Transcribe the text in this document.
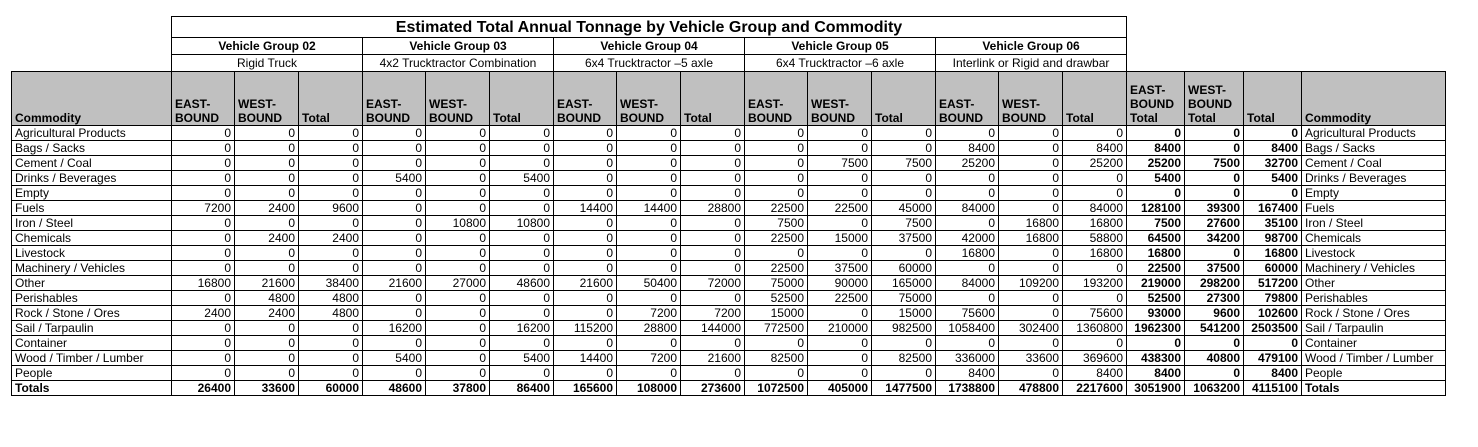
	Estimated Total Annual Tonnage by Vehicle Group and Commodity																		
	Vehicle Group 02			Vehicle Group 03			Vehicle Group 04			Vehicle Group 05			Vehicle Group 06						
	Rigid Truck			4x2 Trucktractor Combination			6x4 Trucktractor –5 axle			6x4 Trucktractor –6 axle			Interlink or Rigid and drawbar						
Commodity	EAST-BOUND	WEST-BOUND	Total	EAST-BOUND	WEST-BOUND	Total	EAST-BOUND	WEST-BOUND	Total	EAST-BOUND	WEST-BOUND	Total	EAST-BOUND	WEST-BOUND	Total	EAST-BOUND Total	WEST-BOUND Total	Total	Commodity
Agricultural Products	0	0	0	0	0	0	0	0	0	0	0	0	0	0	0	0	0	0	Agricultural Products
Bags / Sacks	0	0	0	0	0	0	0	0	0	0	0	0	8400	0	8400	8400	0	8400	Bags / Sacks
Cement / Coal	0	0	0	0	0	0	0	0	0	0	7500	7500	25200	0	25200	25200	7500	32700	Cement / Coal
Drinks / Beverages	0	0	0	5400	0	5400	0	0	0	0	0	0	0	0	0	5400	0	5400	Drinks / Beverages
Empty	0	0	0	0	0	0	0	0	0	0	0	0	0	0	0	0	0	0	Empty
Fuels	7200	2400	9600	0	0	0	14400	14400	28800	22500	22500	45000	84000	0	84000	128100	39300	167400	Fuels
Iron / Steel	0	0	0	0	10800	10800	0	0	0	7500	0	7500	0	16800	16800	7500	27600	35100	Iron / Steel
Chemicals	0	2400	2400	0	0	0	0	0	0	22500	15000	37500	42000	16800	58800	64500	34200	98700	Chemicals
Livestock	0	0	0	0	0	0	0	0	0	0	0	0	16800	0	16800	16800	0	16800	Livestock
Machinery / Vehicles	0	0	0	0	0	0	0	0	0	22500	37500	60000	0	0	0	22500	37500	60000	Machinery / Vehicles
Other	16800	21600	38400	21600	27000	48600	21600	50400	72000	75000	90000	165000	84000	109200	193200	219000	298200	517200	Other
Perishables	0	4800	4800	0	0	0	0	0	0	52500	22500	75000	0	0	0	52500	27300	79800	Perishables
Rock / Stone / Ores	2400	2400	4800	0	0	0	0	7200	7200	15000	0	15000	75600	0	75600	93000	9600	102600	Rock / Stone / Ores
Sail / Tarpaulin	0	0	0	16200	0	16200	115200	28800	144000	772500	210000	982500	1058400	302400	1360800	1962300	541200	2503500	Sail / Tarpaulin
Container	0	0	0	0	0	0	0	0	0	0	0	0	0	0	0	0	0	0	Container
Wood / Timber / Lumber	0	0	0	5400	0	5400	14400	7200	21600	82500	0	82500	336000	33600	369600	438300	40800	479100	Wood / Timber / Lumber
People	0	0	0	0	0	0	0	0	0	0	0	0	8400	0	8400	8400	0	8400	People
Totals	26400	33600	60000	48600	37800	86400	165600	108000	273600	1072500	405000	1477500	1738800	478800	2217600	3051900	1063200	4115100	Totals
